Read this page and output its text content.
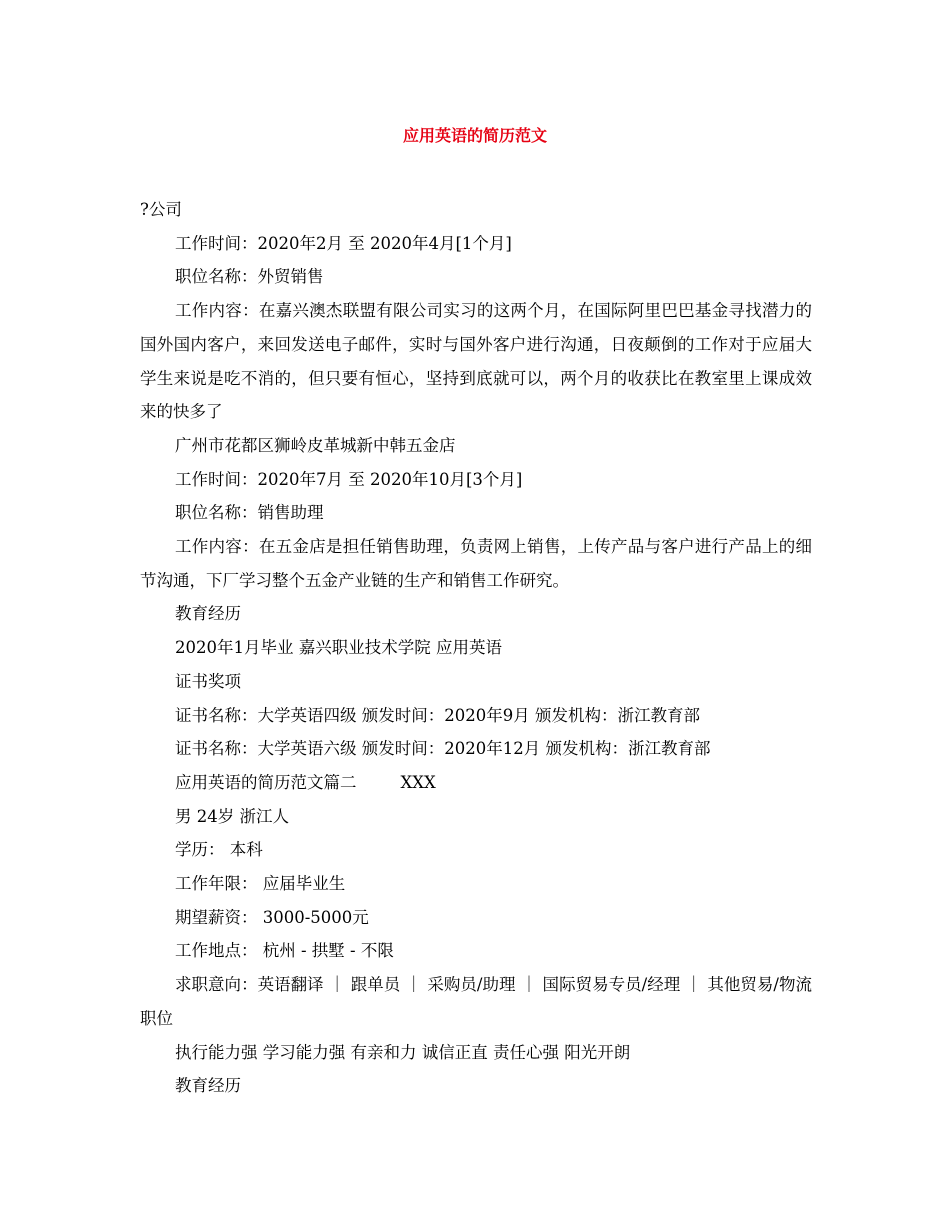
应用英语的简历范文

?公司

工作时间：2020年2月 至 2020年4月[1个月]

职位名称：外贸销售

工作内容：在嘉兴澳杰联盟有限公司实习的这两个月，在国际阿里巴巴基金寻找潜力的国外国内客户，来回发送电子邮件，实时与国外客户进行沟通，日夜颠倒的工作对于应届大学生来说是吃不消的，但只要有恒心，坚持到底就可以，两个月的收获比在教室里上课成效来的快多了

广州市花都区狮岭皮革城新中韩五金店

工作时间：2020年7月 至 2020年10月[3个月]

职位名称：销售助理

工作内容：在五金店是担任销售助理，负责网上销售，上传产品与客户进行产品上的细节沟通，下厂学习整个五金产业链的生产和销售工作研究。

教育经历

2020年1月毕业 嘉兴职业技术学院 应用英语

证书奖项

证书名称：大学英语四级 颁发时间：2020年9月 颁发机构：浙江教育部

证书名称：大学英语六级 颁发时间：2020年12月 颁发机构：浙江教育部

应用英语的简历范文篇二	XXX

男 24岁 浙江人

学历： 本科

工作年限： 应届毕业生

期望薪资： 3000-5000元

工作地点： 杭州 - 拱墅 - 不限

求职意向：英语翻译 ｜ 跟单员 ｜ 采购员/助理 ｜ 国际贸易专员/经理 ｜ 其他贸易/物流职位

执行能力强 学习能力强 有亲和力 诚信正直 责任心强 阳光开朗

教育经历
